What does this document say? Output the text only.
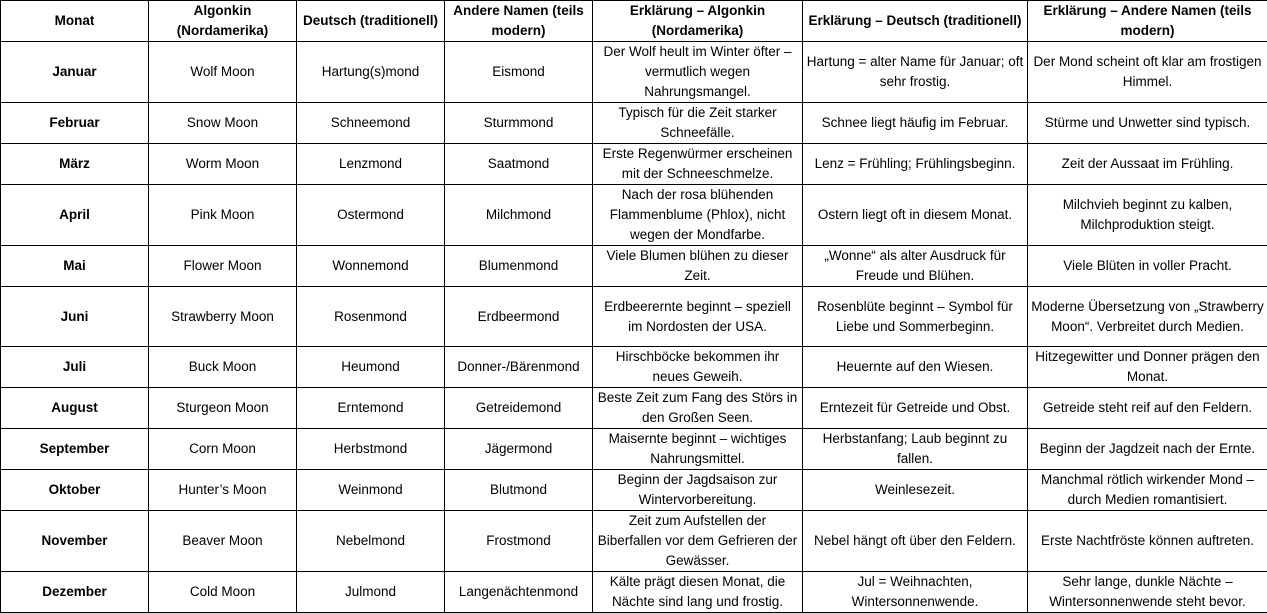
Monat	Algonkin (Nordamerika)	Deutsch (traditionell)	Andere Namen (teils modern)	Erklärung – Algonkin (Nordamerika)	Erklärung – Deutsch (traditionell)	Erklärung – Andere Namen (teils modern)
Januar	Wolf Moon	Hartung(s)mond	Eismond	Der Wolf heult im Winter öfter – vermutlich wegen Nahrungsmangel.	Hartung = alter Name für Januar; oft sehr frostig.	Der Mond scheint oft klar am frostigen Himmel.
Februar	Snow Moon	Schneemond	Sturmmond	Typisch für die Zeit starker Schneefälle.	Schnee liegt häufig im Februar.	Stürme und Unwetter sind typisch.
März	Worm Moon	Lenzmond	Saatmond	Erste Regenwürmer erscheinen mit der Schneeschmelze.	Lenz = Frühling; Frühlingsbeginn.	Zeit der Aussaat im Frühling.
April	Pink Moon	Ostermond	Milchmond	Nach der rosa blühenden Flammenblume (Phlox), nicht wegen der Mondfarbe.	Ostern liegt oft in diesem Monat.	Milchvieh beginnt zu kalben, Milchproduktion steigt.
Mai	Flower Moon	Wonnemond	Blumenmond	Viele Blumen blühen zu dieser Zeit.	„Wonne“ als alter Ausdruck für Freude und Blühen.	Viele Blüten in voller Pracht.
Juni	Strawberry Moon	Rosenmond	Erdbeermond	Erdbeerernte beginnt – speziell im Nordosten der USA.	Rosenblüte beginnt – Symbol für Liebe und Sommerbeginn.	Moderne Übersetzung von „Strawberry Moon“. Verbreitet durch Medien.
Juli	Buck Moon	Heumond	Donner-/Bärenmond	Hirschböcke bekommen ihr neues Geweih.	Heuernte auf den Wiesen.	Hitzegewitter und Donner prägen den Monat.
August	Sturgeon Moon	Erntemond	Getreidemond	Beste Zeit zum Fang des Störs in den Großen Seen.	Erntezeit für Getreide und Obst.	Getreide steht reif auf den Feldern.
September	Corn Moon	Herbstmond	Jägermond	Maisernte beginnt – wichtiges Nahrungsmittel.	Herbstanfang; Laub beginnt zu fallen.	Beginn der Jagdzeit nach der Ernte.
Oktober	Hunter’s Moon	Weinmond	Blutmond	Beginn der Jagdsaison zur Wintervorbereitung.	Weinlesezeit.	Manchmal rötlich wirkender Mond – durch Medien romantisiert.
November	Beaver Moon	Nebelmond	Frostmond	Zeit zum Aufstellen der Biberfallen vor dem Gefrieren der Gewässer.	Nebel hängt oft über den Feldern.	Erste Nachtfröste können auftreten.
Dezember	Cold Moon	Julmond	Langenächtenmond	Kälte prägt diesen Monat, die Nächte sind lang und frostig.	Jul = Weihnachten, Wintersonnenwende.	Sehr lange, dunkle Nächte – Wintersonnenwende steht bevor.
